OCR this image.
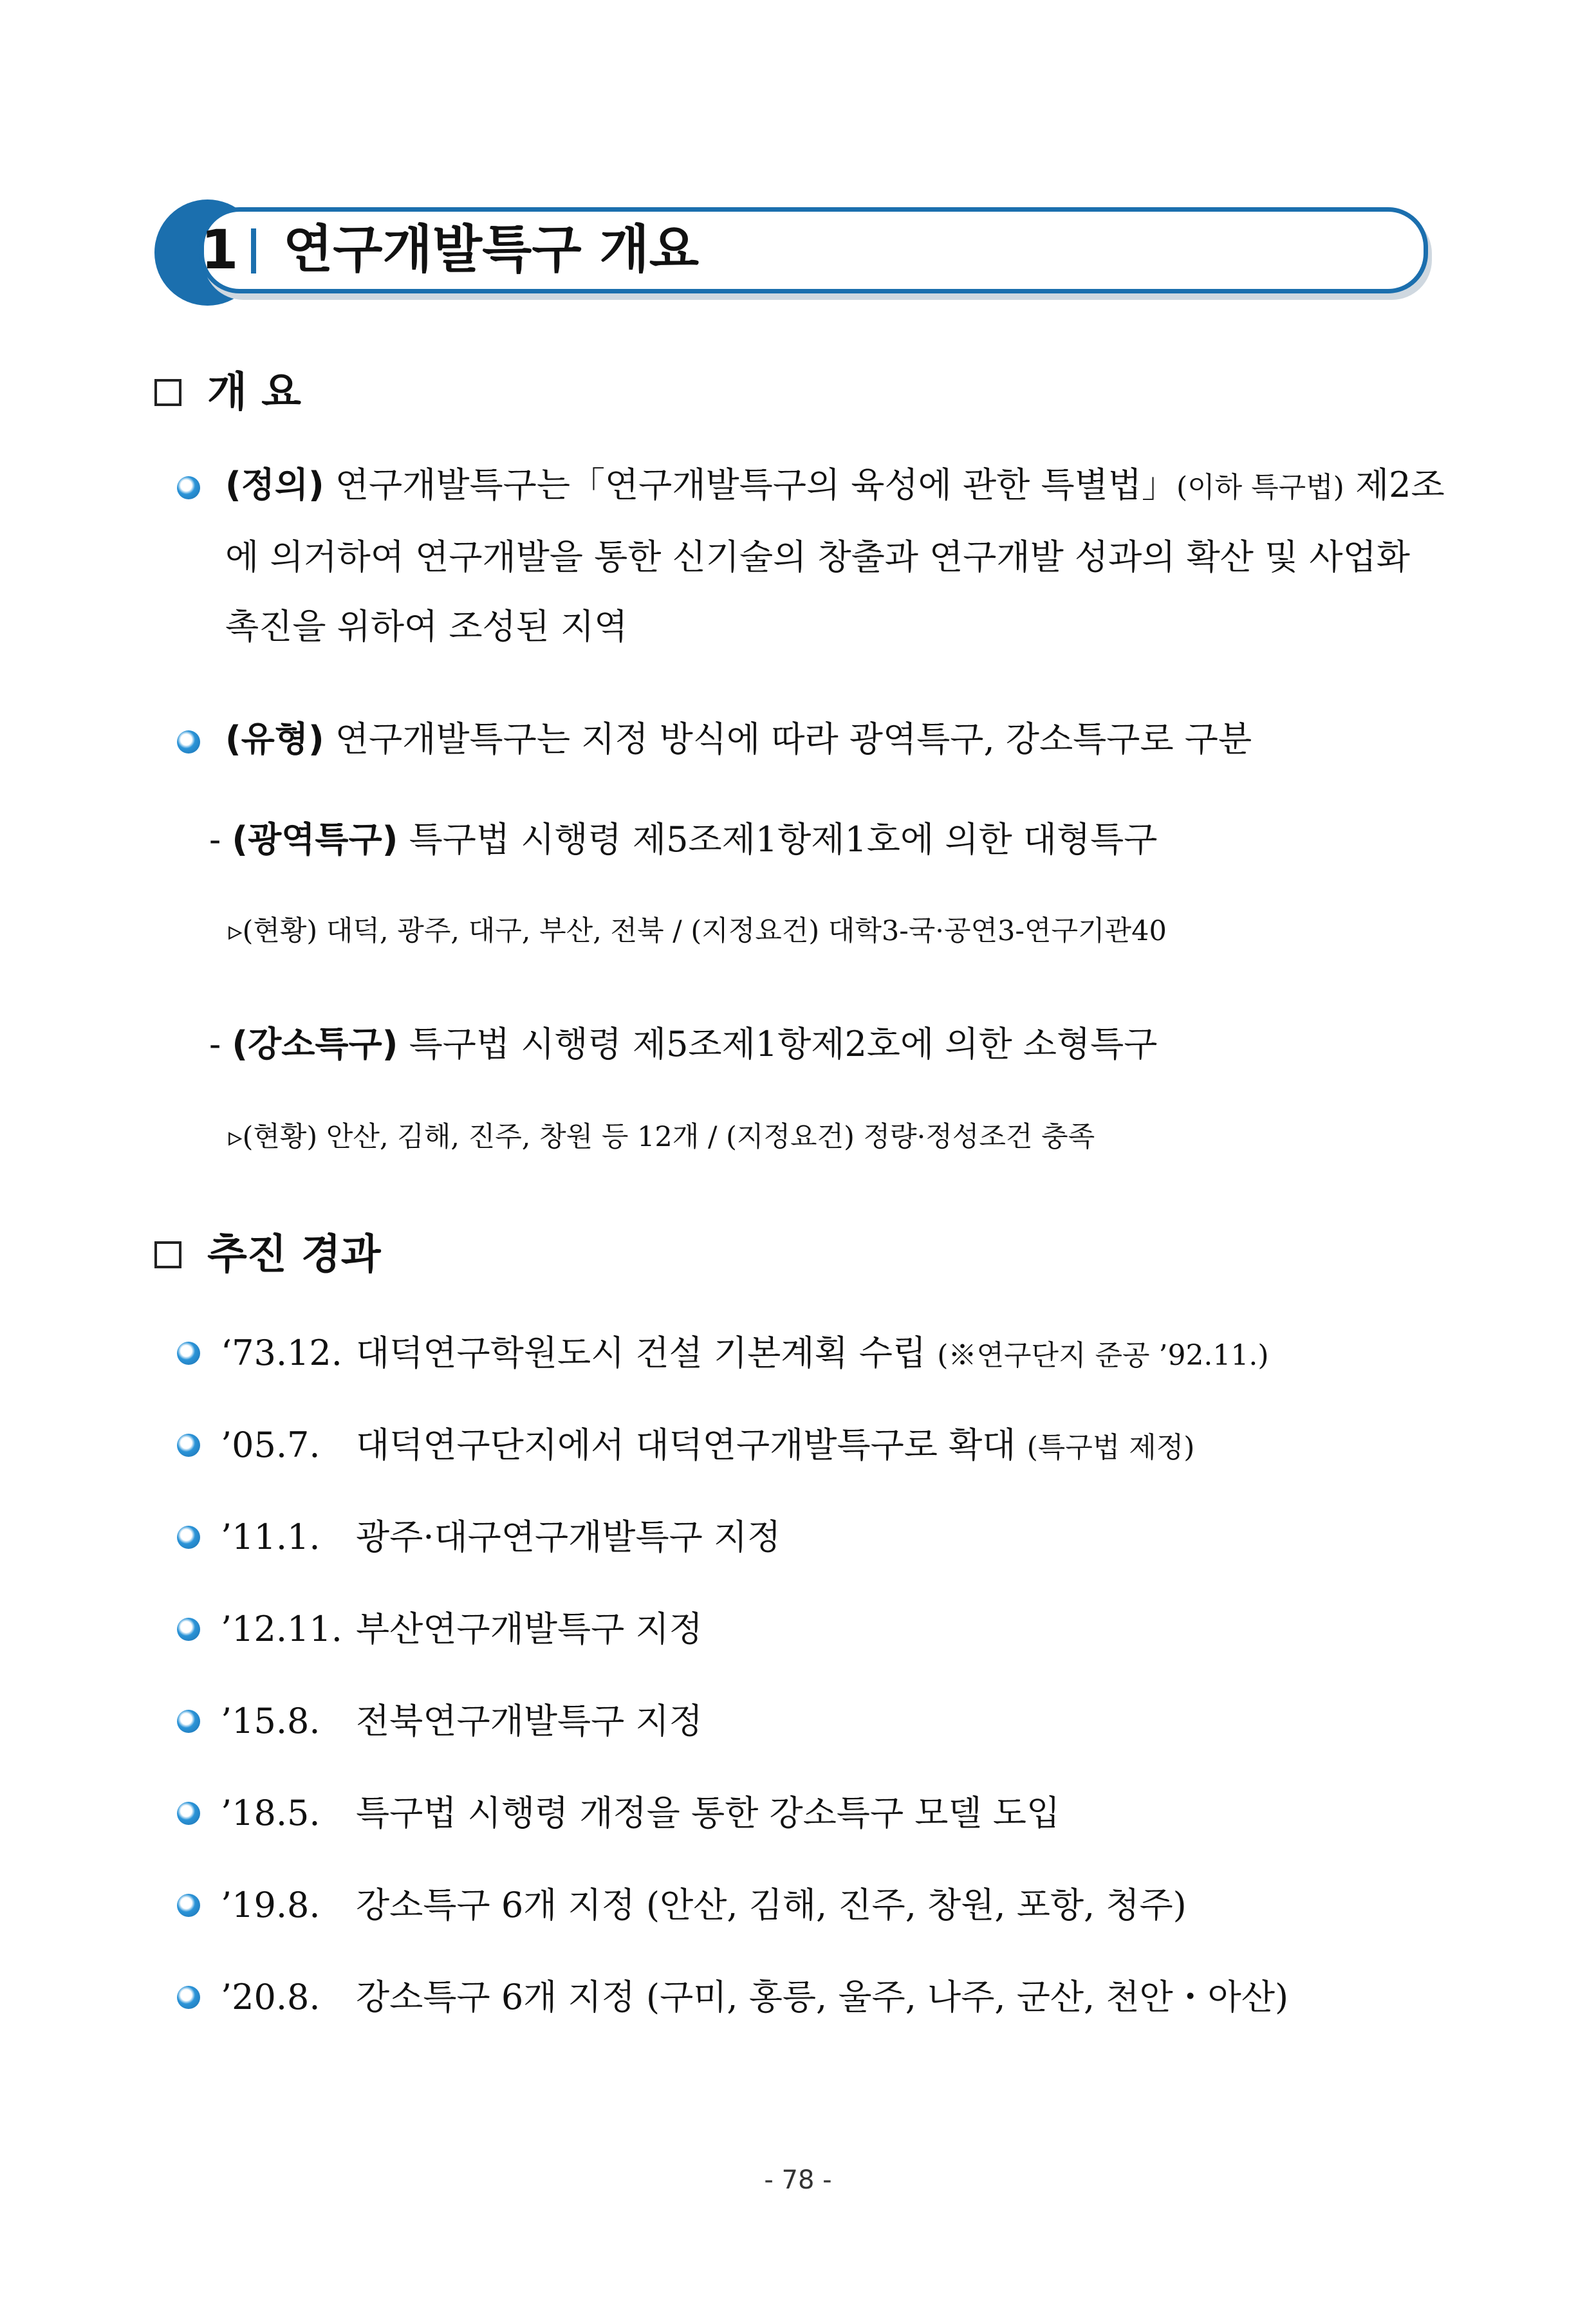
1 연구개발특구 개요
개 요
(정의) 연구개발특구는「연구개발특구의 육성에 관한 특별법」(이하 특구법) 제2조에 의거하여 연구개발을 통한 신기술의 창출과 연구개발 성과의 확산 및 사업화 촉진을 위하여 조성된 지역
(유형) 연구개발특구는 지정 방식에 따라 광역특구, 강소특구로 구분
- (광역특구) 특구법 시행령 제5조제1항제1호에 의한 대형특구
▹(현황) 대덕, 광주, 대구, 부산, 전북 / (지정요건) 대학3-국·공연3-연구기관40
- (강소특구) 특구법 시행령 제5조제1항제2호에 의한 소형특구
▹(현황) 안산, 김해, 진주, 창원 등 12개 / (지정요건) 정량·정성조건 충족
추진 경과
‘73.12. 대덕연구학원도시 건설 기본계획 수립 (※연구단지 준공 ’92.11.)
’05.7. 대덕연구단지에서 대덕연구개발특구로 확대 (특구법 제정)
’11.1. 광주·대구연구개발특구 지정
’12.11. 부산연구개발특구 지정
’15.8. 전북연구개발특구 지정
’18.5. 특구법 시행령 개정을 통한 강소특구 모델 도입
’19.8. 강소특구 6개 지정 (안산, 김해, 진주, 창원, 포항, 청주)
’20.8. 강소특구 6개 지정 (구미, 홍릉, 울주, 나주, 군산, 천안・아산)
- 78 -
